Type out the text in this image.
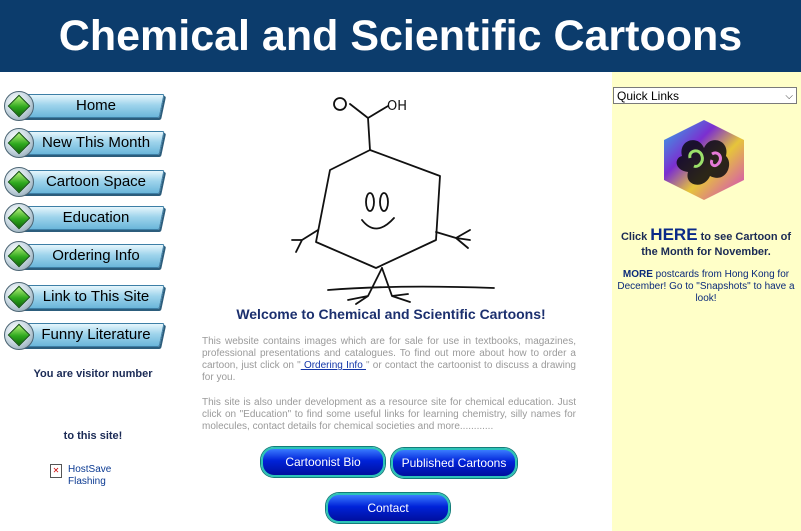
Chemical and Scientific Cartoons
Home
New This Month
Cartoon Space
Education
Ordering Info
Link to This Site
Funny Literature
You are visitor number
to this site!
✕ HostSave
Flashing
OH
Welcome to Chemical and Scientific Cartoons!
This website contains images which are for sale for use in textbooks, magazines, professional presentations and catalogues. To find out more about how to order a cartoon, just click on " Ordering Info " or contact the cartoonist to discuss a drawing for you.
This site is also under development as a resource site for chemical education. Just click on "Education" to find some useful links for learning chemistry, silly names for molecules, contact details for chemical societies and more............
Cartoonist Bio	Published Cartoons
Contact
Quick Links	⌵
Click HERE to see Cartoon of the Month for November.
MORE postcards from Hong Kong for December! Go to "Snapshots" to have a look!
